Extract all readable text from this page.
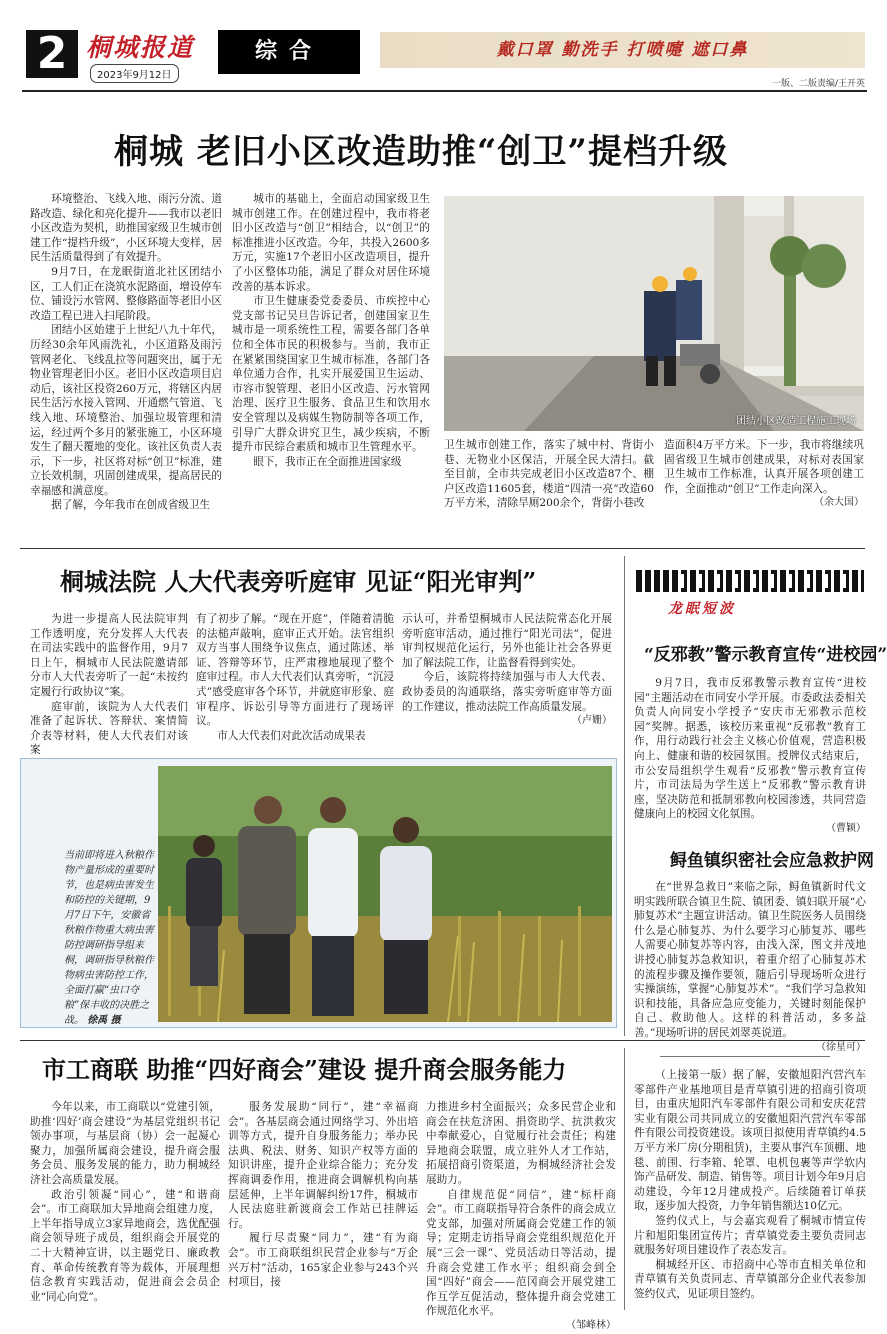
2 桐城报道
2023年9月12日
综合	戴口罩 勤洗手 打喷嚏 遮口鼻
一版、二版责编/王开英
桐城 老旧小区改造助推“创卫”提档升级

环境整治、飞线入地、雨污分流、道路改造、绿化和亮化提升——我市以老旧小区改造为契机，助推国家级卫生城市创建工作“提档升级”，小区环境大变样，居民生活质量得到了有效提升。

9月7日，在龙眠街道北社区团结小区，工人们正在浇筑水泥路面，增设停车位、铺设污水管网、整修路面等老旧小区改造工程已进入扫尾阶段。

团结小区始建于上世纪八九十年代，历经30余年风雨洗礼，小区道路及雨污管网老化、飞线乱拉等问题突出，属于无物业管理老旧小区。老旧小区改造项目启动后，该社区投资260万元，将辖区内居民生活污水接入管网、开通燃气管道、飞线入地、环境整治、加强垃圾管理和清运，经过两个多月的紧张施工，小区环境发生了翻天覆地的变化。该社区负责人表示，下一步，社区将对标“创卫”标准，建立长效机制，巩固创建成果，提高居民的幸福感和满意度。

据了解，今年我市在创成省级卫生

城市的基础上，全面启动国家级卫生城市创建工作。在创建过程中，我市将老旧小区改造与“创卫”相结合，以“创卫”的标准推进小区改造。今年，共投入2600多万元，实施17个老旧小区改造项目，提升了小区整体功能，满足了群众对居住环境改善的基本诉求。

市卫生健康委党委委员、市疾控中心党支部书记吴旦告诉记者，创建国家卫生城市是一项系统性工程，需要各部门各单位和全体市民的积极参与。当前，我市正在紧紧围绕国家卫生城市标准，各部门各单位通力合作，扎实开展爱国卫生运动、市容市貌管理、老旧小区改造、污水管网治理、医疗卫生服务、食品卫生和饮用水安全管理以及病媒生物防制等各项工作，引导广大群众讲究卫生，减少疾病，不断提升市民综合素质和城市卫生管理水平。

眼下，我市正在全面推进国家级

团结小区改造工程施工现场

卫生城市创建工作，落实了城中村、背街小巷、无物业小区保洁，开展全民大清扫。截至目前，全市共完成老旧小区改造87个、棚户区改造11605套，楼道“四清一亮”改造60万平方米，清除旱厕200余个，背街小巷改

造面积4万平方米。下一步，我市将继续巩固省级卫生城市创建成果，对标对表国家卫生城市工作标准，认真开展各项创建工作，全面推动“创卫”工作走向深入。

（余大国）
桐城法院 人大代表旁听庭审 见证“阳光审判”

为进一步提高人民法院审判工作透明度，充分发挥人大代表在司法实践中的监督作用，9月7日上午，桐城市人民法院邀请部分市人大代表旁听了一起“未按约定履行行政协议”案。

庭审前，该院为人大代表们准备了起诉状、答辩状、案情简介表等材料，使人大代表们对该案

有了初步了解。“现在开庭”，伴随着清脆的法槌声敲响，庭审正式开始。法官组织双方当事人围绕争议焦点，通过陈述、举证、答辩等环节，庄严肃穆地展现了整个庭审过程。市人大代表们认真旁听，“沉浸式”感受庭审各个环节，并就庭审形象、庭审程序、诉讼引导等方面进行了现场评议。

市人大代表们对此次活动成果表

示认可，并希望桐城市人民法院常态化开展旁听庭审活动，通过推行“阳光司法”，促进审判权规范化运行，另外也能让社会各界更加了解法院工作，让监督看得到实处。

今后，该院将持续加强与市人大代表、政协委员的沟通联络，落实旁听庭审等方面的工作建议，推动法院工作高质量发展。

（卢姗）
当前即将进入秋粮作物产量形成的重要时节，也是病虫害发生和防控的关键期，9月7日下午，安徽省秋粮作物重大病虫害防控调研指导组来桐，调研指导秋粮作物病虫害防控工作，全面打赢“虫口夺粮”保丰收的决胜之战。 徐禹 摄
龙眠短波
“反邪教”警示教育宣传“进校园”

9月7日，我市反邪教警示教育宣传“进校园”主题活动在市同安小学开展。市委政法委相关负责人向同安小学授予“安庆市无邪教示范校园”奖牌。据悉，该校历来重视“反邪教”教育工作，用行动践行社会主义核心价值观，营造积极向上、健康和谐的校园氛围。授牌仪式结束后，市公安局组织学生观看“反邪教”警示教育宣传片，市司法局为学生送上“反邪教”警示教育讲座，坚决防范和抵制邪教向校园渗透，共同营造健康向上的校园文化氛围。

（曹颖）
鲟鱼镇织密社会应急救护网

在“世界急救日”来临之际，鲟鱼镇新时代文明实践所联合镇卫生院、镇团委、镇妇联开展“心肺复苏术”主题宣讲活动。镇卫生院医务人员围绕什么是心肺复苏、为什么要学习心肺复苏、哪些人需要心肺复苏等内容，由浅入深，图文并茂地讲授心肺复苏急救知识，着重介绍了心肺复苏术的流程步骤及操作要领，随后引导现场听众进行实操演练，掌握“心肺复苏术”。“我们学习急救知识和技能，具备应急应变能力，关键时刻能保护自己、救助他人。这样的科普活动，多多益善。”现场听讲的居民刘翠英说道。

（徐星可）
市工商联 助推“四好商会”建设 提升商会服务能力

今年以来，市工商联以“党建引领，助推‘四好’商会建设”为基层党组织书记领办事项，与基层商（协）会一起凝心聚力，加强所属商会建设，提升商会服务会员、服务发展的能力，助力桐城经济社会高质量发展。

政治引领凝“同心”，建“和谐商会”。市工商联加大异地商会组建力度，上半年指导成立3家异地商会，选优配强商会领导班子成员，组织商会开展党的二十大精神宣讲，以主题党日、廉政教育、革命传统教育等为载体，开展理想信念教育实践活动，促进商会会员企业“同心向党”。

服务发展助“同行”，建“幸福商会”。各基层商会通过网络学习、外出培训等方式，提升自身服务能力；举办民法典、税法、财务、知识产权等方面的知识讲座，提升企业综合能力；充分发挥商调委作用，推进商会调解机构向基层延伸，上半年调解纠纷17件，桐城市人民法庭驻新渡商会工作站已挂牌运行。

履行尽责聚“同力”，建“有为商会”。市工商联组织民营企业参与“万企兴万村”活动，165家企业参与243个兴村项目，接

力推进乡村全面振兴；众多民营企业和商会在扶危济困、捐资助学、抗洪救灾中奉献爱心，自觉履行社会责任；构建异地商会联盟，成立驻外人才工作站，拓展招商引资渠道，为桐城经济社会发展助力。

自律规范促“同信”，建“标杆商会”。市工商联指导符合条件的商会成立党支部，加强对所属商会党建工作的领导；定期走访指导商会党组织规范化开展“三会一课”、党员活动日等活动，提升商会党建工作水平；组织商会到全国“四好”商会——范冈商会开展党建工作互学互促活动，整体提升商会党建工作规范化水平。

（邹峰林）

（上接第一版）据了解，安徽旭阳汽营汽车零部件产业基地项目是青草镇引进的招商引资项目，由重庆旭阳汽车零部件有限公司和安庆花营实业有限公司共同成立的安徽旭阳汽营汽车零部件有限公司投资建设。该项目拟使用青草镇约4.5万平方米厂房(分期租赁)，主要从事汽车顶棚、地毯、前围、行李箱、轮罩、电机包裹等声学软内饰产品研发、制造、销售等。项目计划今年9月启动建设，今年12月建成投产。后续随着订单获取，逐步加大投资，力争年销售额达10亿元。

签约仪式上，与会嘉宾观看了桐城市情宣传片和旭阳集团宣传片；青草镇党委主要负责同志就服务好项目建设作了表态发言。

桐城经开区、市招商中心等市直相关单位和青草镇有关负责同志、青草镇部分企业代表参加签约仪式，见证项目签约。
